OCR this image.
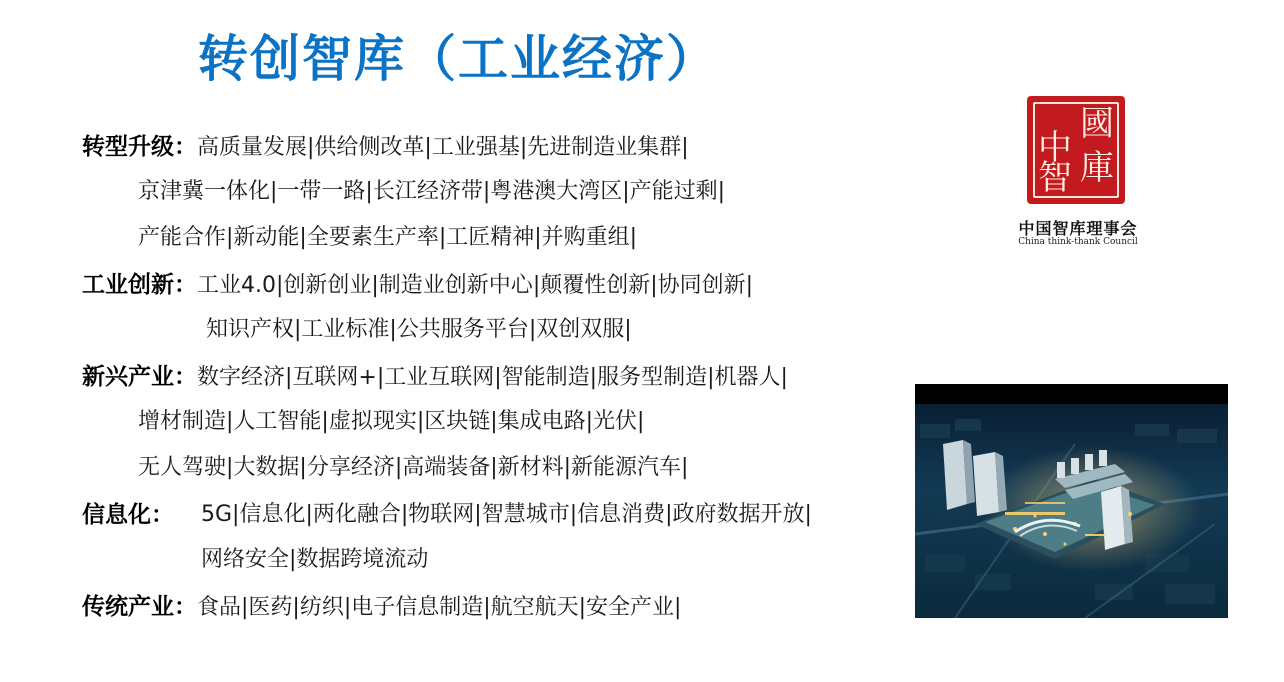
转创智库（工业经济）
转型升级：高质量发展|供给侧改革|工业强基|先进制造业集群|
京津冀一体化|一带一路|长江经济带|粤港澳大湾区|产能过剩|
产能合作|新动能|全要素生产率|工匠精神|并购重组|
工业创新：工业4.0|创新创业|制造业创新中心|颠覆性创新|协同创新|
知识产权|工业标准|公共服务平台|双创双服|
新兴产业：数字经济|互联网+|工业互联网|智能制造|服务型制造|机器人|
增材制造|人工智能|虚拟现实|区块链|集成电路|光伏|
无人驾驶|大数据|分享经济|高端装备|新材料|新能源汽车|
信息化： 5G|信息化|两化融合|物联网|智慧城市|信息消费|政府数据开放|
网络安全|数据跨境流动
传统产业：食品|医药|纺织|电子信息制造|航空航天|安全产业|
中
國
智 庫
中国智库理事会
China think-thank Council
